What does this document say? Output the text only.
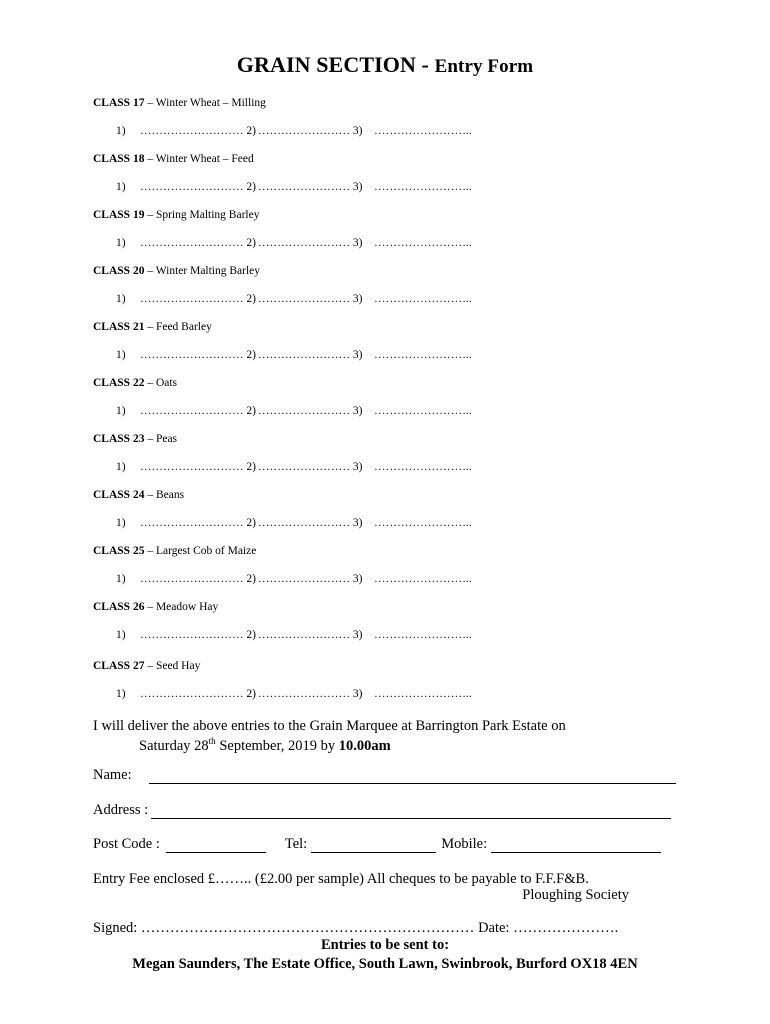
GRAIN SECTION - Entry Form
CLASS 17 – Winter Wheat – Milling
1) ……………………… 2) …………………… 3) ……………………..
CLASS 18 – Winter Wheat – Feed
1) ……………………… 2) …………………… 3) ……………………..
CLASS 19 – Spring Malting Barley
1) ……………………… 2) …………………… 3) ……………………..
CLASS 20 – Winter Malting Barley
1) ……………………… 2) …………………… 3) ……………………..
CLASS 21 – Feed Barley
1) ……………………… 2) …………………… 3) ……………………..
CLASS 22 – Oats
1) ……………………… 2) …………………… 3) ……………………..
CLASS 23 – Peas
1) ……………………… 2) …………………… 3) ……………………..
CLASS 24 – Beans
1) ……………………… 2) …………………… 3) ……………………..
CLASS 25 – Largest Cob of Maize
1) ……………………… 2) …………………… 3) ……………………..
CLASS 26 – Meadow Hay
1) ……………………… 2) …………………… 3) ……………………..
CLASS 27 – Seed Hay
1) ……………………… 2) …………………… 3) ……………………..
I will deliver the above entries to the Grain Marquee at Barrington Park Estate on
Saturday 28th September, 2019 by 10.00am
Name:
Address :
Post Code :	Tel:	Mobile:
Entry Fee enclosed £…….. (£2.00 per sample) All cheques to be payable to F.F.F&B.
Ploughing Society
Signed: …………………………………………………………… Date: ………………….
Entries to be sent to:
Megan Saunders, The Estate Office, South Lawn, Swinbrook, Burford OX18 4EN
